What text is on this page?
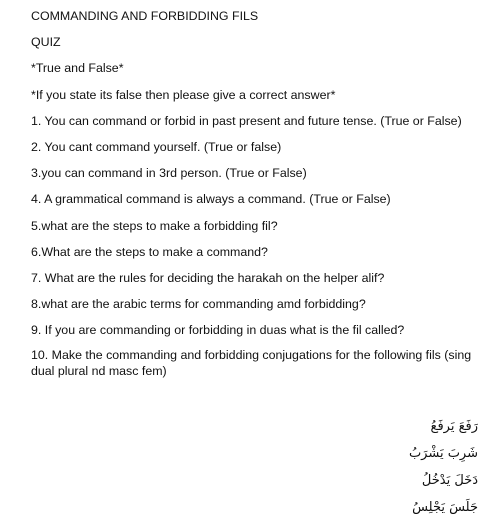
COMMANDING AND FORBIDDING FILS
QUIZ
*True and False*
*If you state its false then please give a correct answer*
1. You can command or forbid in past present and future tense. (True or False)
2. You cant command yourself. (True or false)
3.you can command in 3rd person. (True or False)
4. A grammatical command is always a command. (True or False)
5.what are the steps to make a forbidding fil?
6.What are the steps to make a command?
7. What are the rules for deciding the harakah on the helper alif?
8.what are the arabic terms for commanding amd forbidding?
9. If you are commanding or forbidding in duas what is the fil called?
10. Make the commanding and forbidding conjugations for the following fils (sing dual plural nd masc fem)
رَفَعَ يَرفَعُ
شَرِبَ يَشْرَبُ
دَخَلَ يَدْخُلُ
جَلَسَ يَجْلِسُ
